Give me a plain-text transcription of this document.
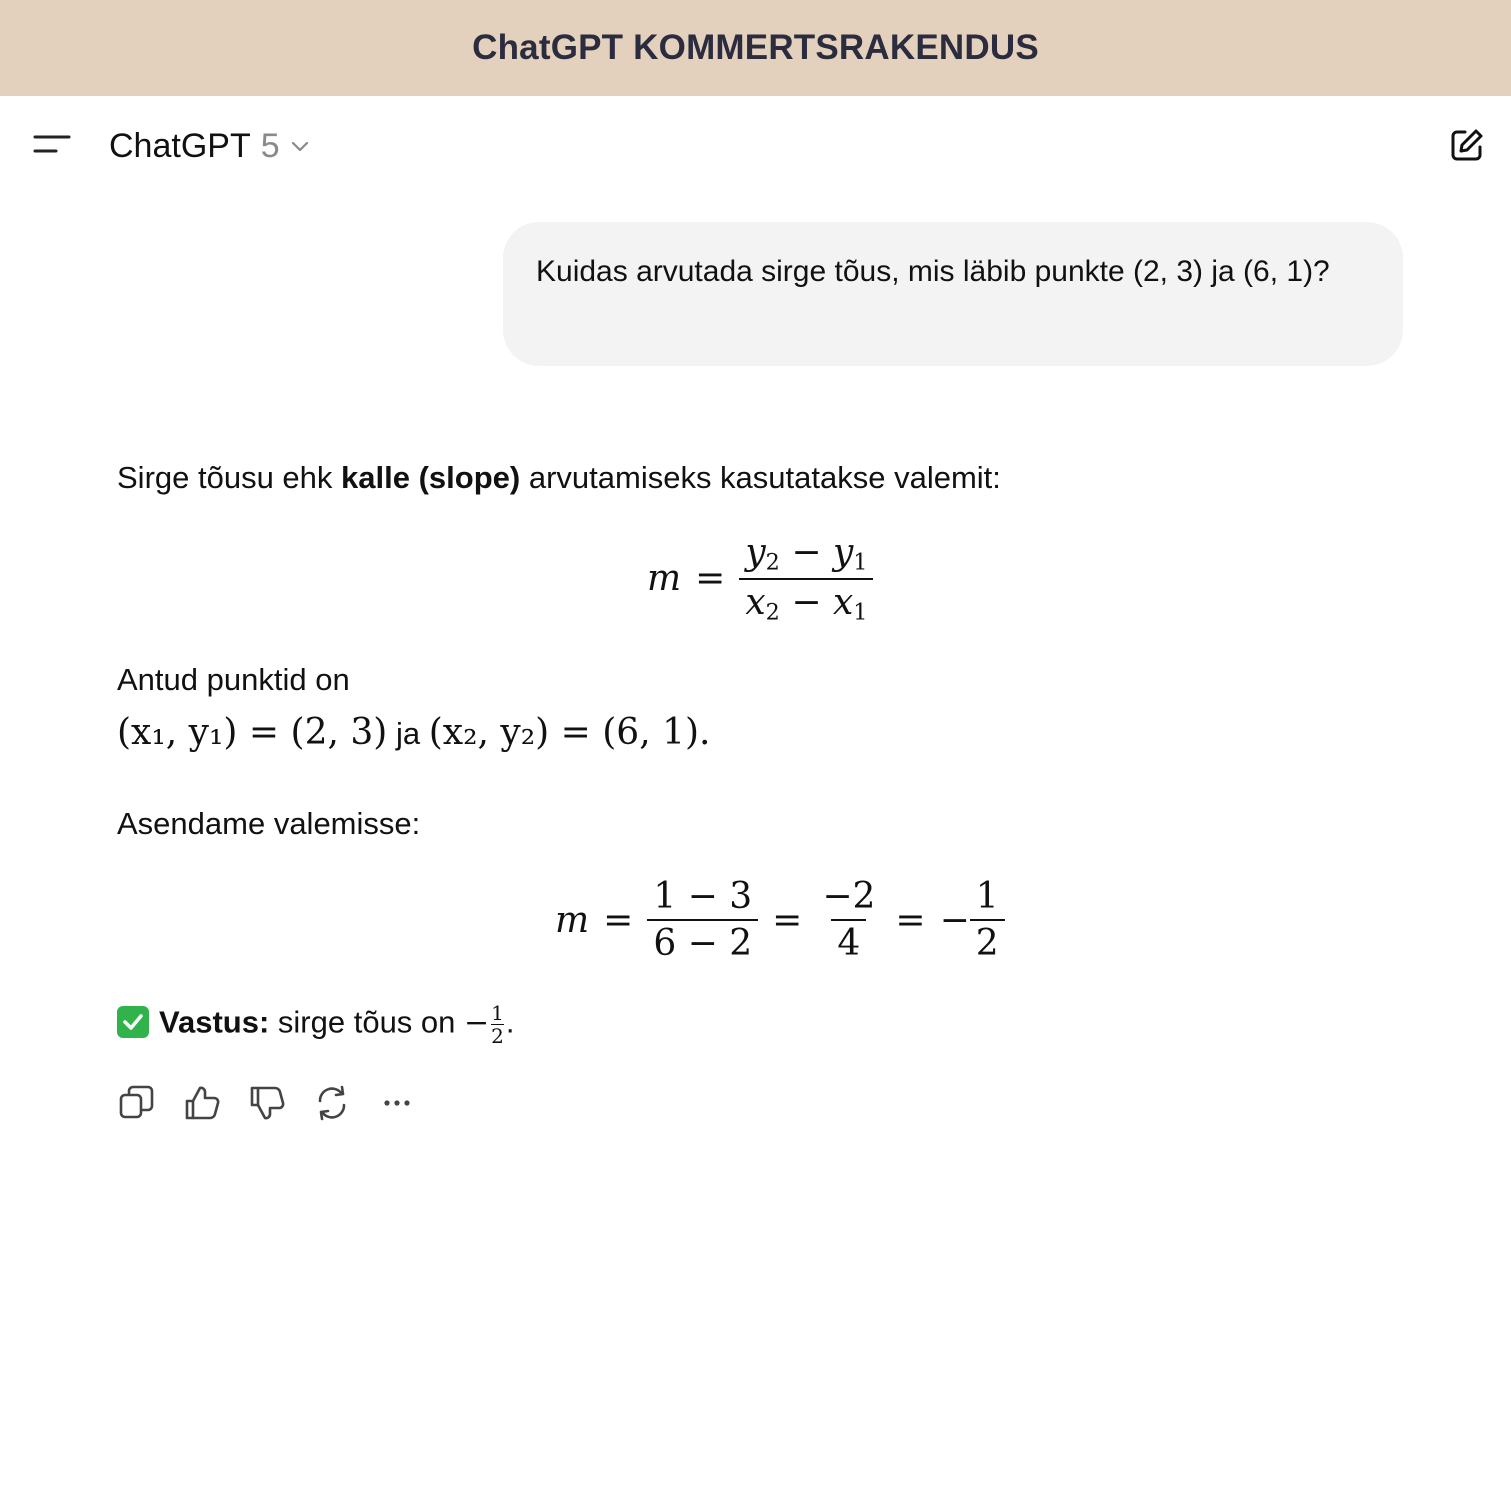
ChatGPT KOMMERTSRAKENDUS
ChatGPT 5
Kuidas arvutada sirge tõus, mis läbib punkte (2, 3) ja (6, 1)?
Sirge tõusu ehk kalle (slope) arvutamiseks kasutatakse valemit:
$m = \frac{y_2 - y_1}{x_2 - x_1}$
Antud punktid on
(x₁, y₁) = (2, 3) ja (x₂, y₂) = (6, 1).
Asendame valemisse:
$m = \frac{1 - 3}{6 - 2} = \frac{-2}{4}$ = − $\frac{1}{2}$
Vastus: sirge tõus on − $\frac{1}{2}$ .
